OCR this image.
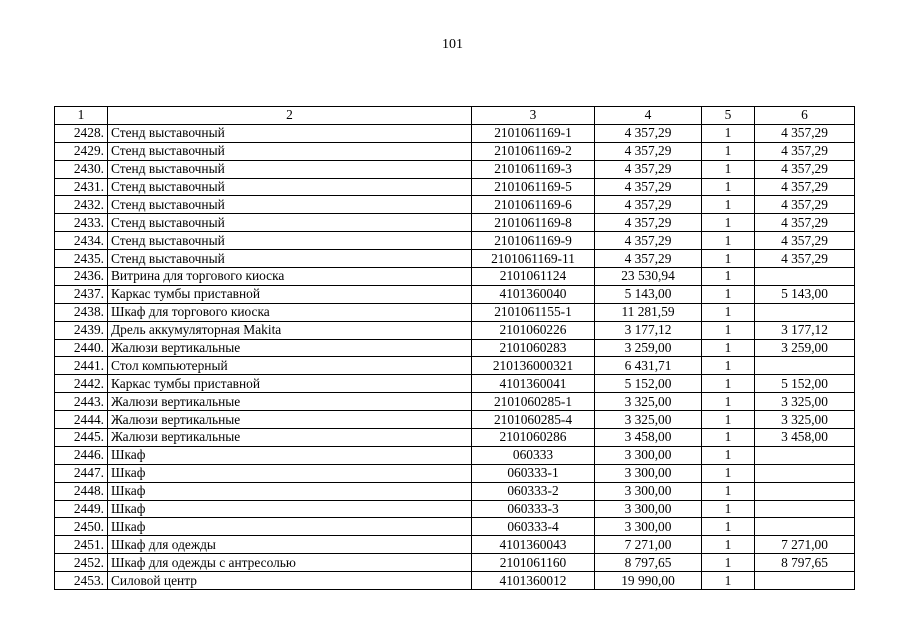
101
1	2	3	4	5	6
2428.	Стенд выставочный	2101061169-1	4 357,29	1	4 357,29
2429.	Стенд выставочный	2101061169-2	4 357,29	1	4 357,29
2430.	Стенд выставочный	2101061169-3	4 357,29	1	4 357,29
2431.	Стенд выставочный	2101061169-5	4 357,29	1	4 357,29
2432.	Стенд выставочный	2101061169-6	4 357,29	1	4 357,29
2433.	Стенд выставочный	2101061169-8	4 357,29	1	4 357,29
2434.	Стенд выставочный	2101061169-9	4 357,29	1	4 357,29
2435.	Стенд выставочный	2101061169-11	4 357,29	1	4 357,29
2436.	Витрина для торгового киоска	2101061124	23 530,94	1	
2437.	Каркас тумбы приставной	4101360040	5 143,00	1	5 143,00
2438.	Шкаф для торгового киоска	2101061155-1	11 281,59	1	
2439.	Дрель аккумуляторная Makita	2101060226	3 177,12	1	3 177,12
2440.	Жалюзи вертикальные	2101060283	3 259,00	1	3 259,00
2441.	Стол компьютерный	210136000321	6 431,71	1	
2442.	Каркас тумбы приставной	4101360041	5 152,00	1	5 152,00
2443.	Жалюзи вертикальные	2101060285-1	3 325,00	1	3 325,00
2444.	Жалюзи вертикальные	2101060285-4	3 325,00	1	3 325,00
2445.	Жалюзи вертикальные	2101060286	3 458,00	1	3 458,00
2446.	Шкаф	060333	3 300,00	1	
2447.	Шкаф	060333-1	3 300,00	1	
2448.	Шкаф	060333-2	3 300,00	1	
2449.	Шкаф	060333-3	3 300,00	1	
2450.	Шкаф	060333-4	3 300,00	1	
2451.	Шкаф для одежды	4101360043	7 271,00	1	7 271,00
2452.	Шкаф для одежды с антресолью	2101061160	8 797,65	1	8 797,65
2453.	Силовой центр	4101360012	19 990,00	1	
